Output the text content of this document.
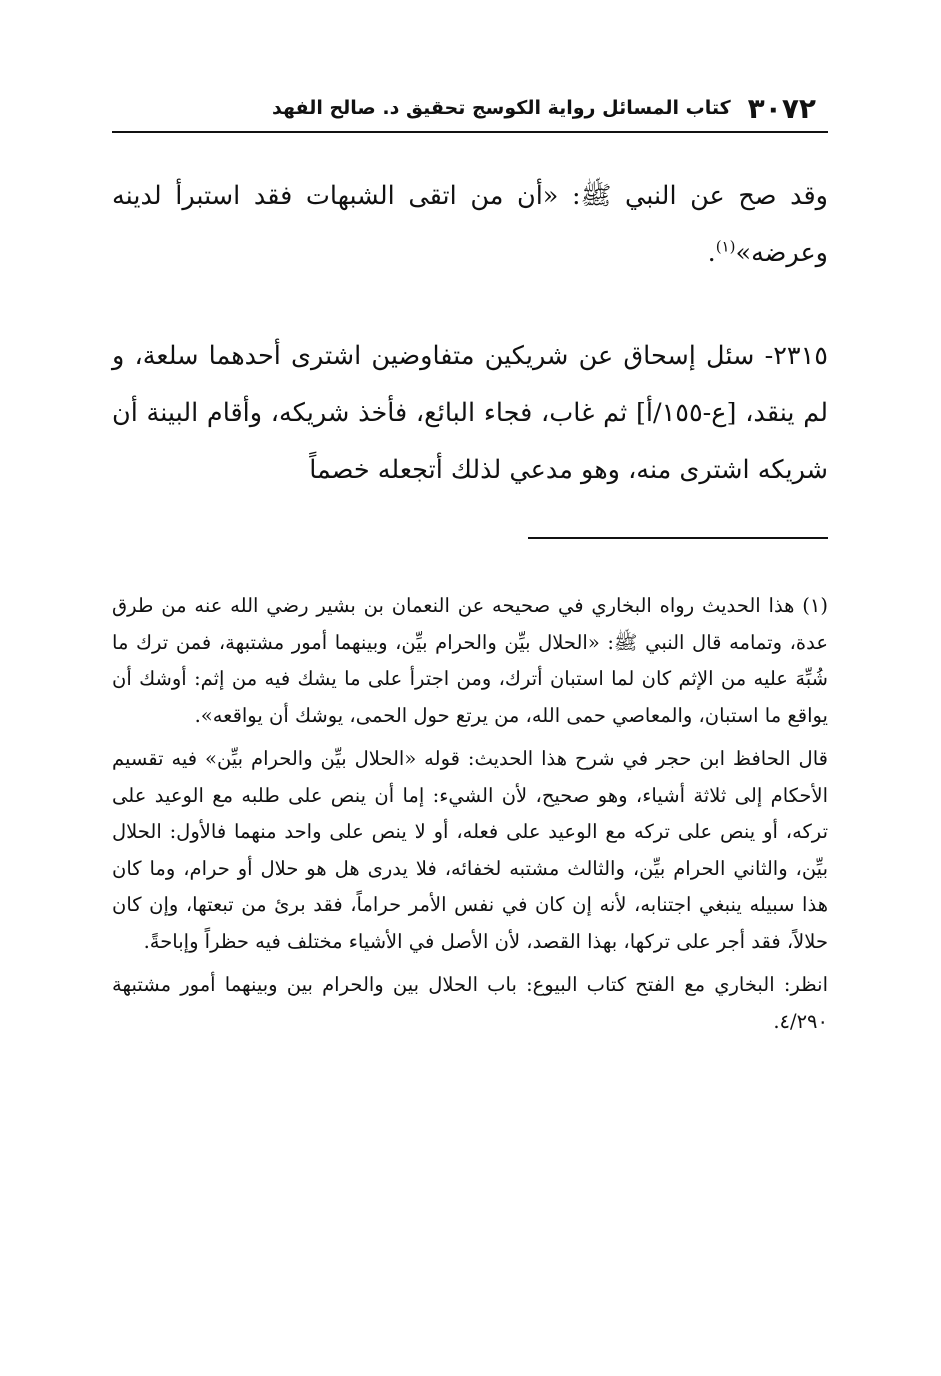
٣٠٧٢
كتاب المسائل رواية الكوسج تحقيق د. صالح الفهد

وقد صح عن النبي ﷺ: «أن من اتقى الشبهات فقد استبرأ لدينه وعرضه»$^{(١)}$.

٢٣١٥- سئل إسحاق عن شريكين متفاوضين اشترى أحدهما سلعة، و لم ينقد، [ع-١٥٥/أ] ثم غاب، فجاء البائع، فأخذ شريكه، وأقام البينة أن شريكه اشترى منه، وهو مدعي لذلك أتجعله خصماً

(١) هذا الحديث رواه البخاري في صحيحه عن النعمان بن بشير رضي الله عنه من طرق عدة، وتمامه قال النبي ﷺ: «الحلال بيِّن والحرام بيِّن، وبينهما أمور مشتبهة، فمن ترك ما شُبِّهَ عليه من الإثم كان لما استبان أترك، ومن اجترأ على ما يشك فيه من إثم: أوشك أن يواقع ما استبان، والمعاصي حمى الله، من يرتع حول الحمى، يوشك أن يواقعه».

قال الحافظ ابن حجر في شرح هذا الحديث: قوله «الحلال بيِّن والحرام بيِّن» فيه تقسيم الأحكام إلى ثلاثة أشياء، وهو صحيح، لأن الشيء: إما أن ينص على طلبه مع الوعيد على تركه، أو ينص على تركه مع الوعيد على فعله، أو لا ينص على واحد منهما فالأول: الحلال بيِّن، والثاني الحرام بيِّن، والثالث مشتبه لخفائه، فلا يدرى هل هو حلال أو حرام، وما كان هذا سبيله ينبغي اجتنابه، لأنه إن كان في نفس الأمر حراماً، فقد برئ من تبعتها، وإن كان حلالاً، فقد أجر على تركها، بهذا القصد، لأن الأصل في الأشياء مختلف فيه حظراً وإباحةً.

انظر: البخاري مع الفتح كتاب البيوع: باب الحلال بين والحرام بين وبينهما أمور مشتبهة ٤/٢٩٠.
